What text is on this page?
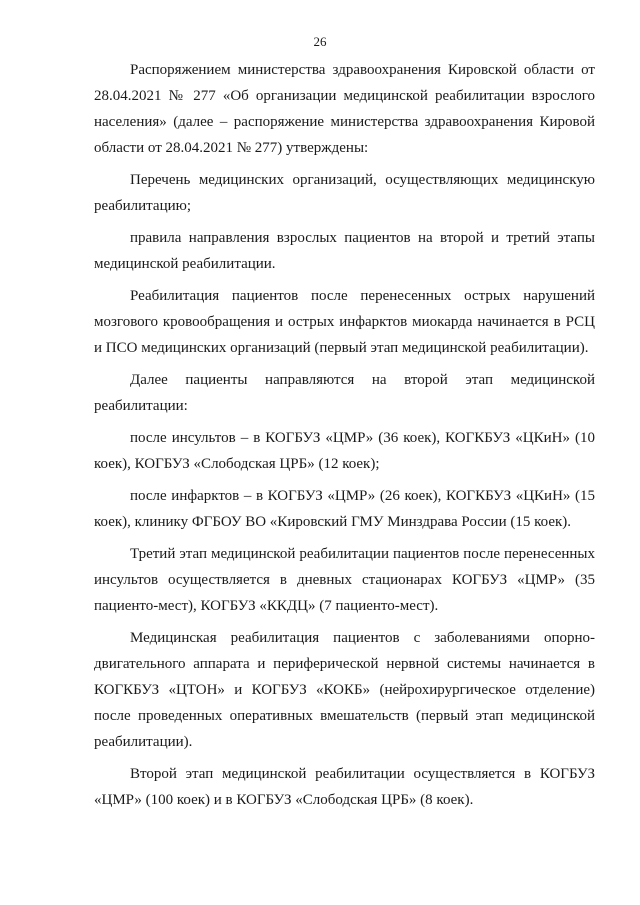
26

Распоряжением министерства здравоохранения Кировской области от 28.04.2021 № 277 «Об организации медицинской реабилитации взрослого населения» (далее – распоряжение министерства здравоохранения Кировой области от 28.04.2021 № 277) утверждены:

Перечень медицинских организаций, осуществляющих медицинскую реабилитацию;

правила направления взрослых пациентов на второй и третий этапы медицинской реабилитации.

Реабилитация пациентов после перенесенных острых нарушений мозгового кровообращения и острых инфарктов миокарда начинается в РСЦ и ПСО медицинских организаций (первый этап медицинской реабилитации).

Далее пациенты направляются на второй этап медицинской реабилитации:

после инсультов – в КОГБУЗ «ЦМР» (36 коек), КОГКБУЗ «ЦКиН» (10 коек), КОГБУЗ «Слободская ЦРБ» (12 коек);

после инфарктов – в КОГБУЗ «ЦМР» (26 коек), КОГКБУЗ «ЦКиН» (15 коек), клинику ФГБОУ ВО «Кировский ГМУ Минздрава России (15 коек).

Третий этап медицинской реабилитации пациентов после перенесенных инсультов осуществляется в дневных стационарах КОГБУЗ «ЦМР» (35 пациенто-мест), КОГБУЗ «ККДЦ» (7 пациенто-мест).

Медицинская реабилитация пациентов с заболеваниями опорно-двигательного аппарата и периферической нервной системы начинается в КОГКБУЗ «ЦТОН» и КОГБУЗ «КОКБ» (нейрохирургическое отделение) после проведенных оперативных вмешательств (первый этап медицинской реабилитации).

Второй этап медицинской реабилитации осуществляется в КОГБУЗ «ЦМР» (100 коек) и в КОГБУЗ «Слободская ЦРБ» (8 коек).
